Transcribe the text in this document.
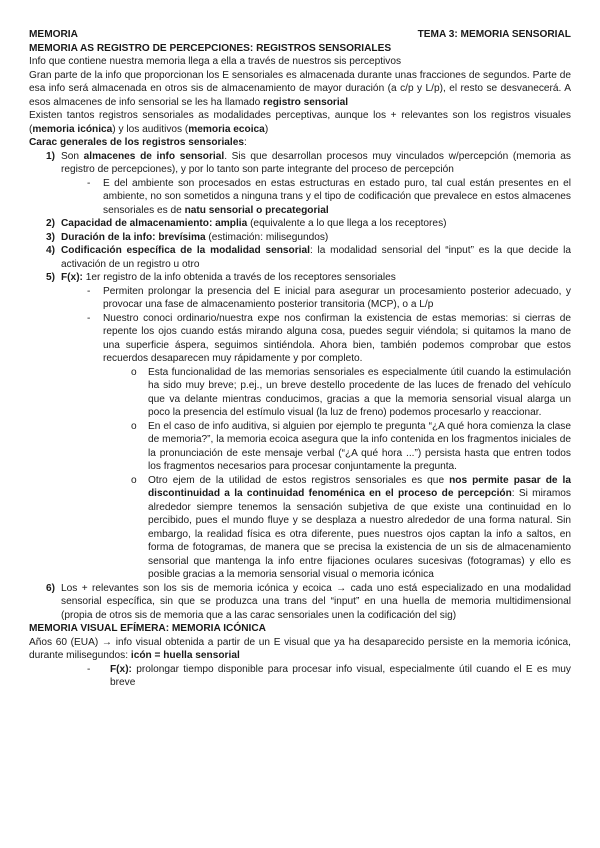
MEMORIA	TEMA 3: MEMORIA SENSORIAL
MEMORIA AS REGISTRO DE PERCEPCIONES: REGISTROS SENSORIALES

Info que contiene nuestra memoria llega a ella a través de nuestros sis perceptivos

Gran parte de la info que proporcionan los E sensoriales es almacenada durante unas fracciones de segundos. Parte de esa info será almacenada en otros sis de almacenamiento de mayor duración (a c/p y L/p), el resto se desvanecerá. A esos almacenes de info sensorial se les ha llamado registro sensorial

Existen tantos registros sensoriales as modalidades perceptivas, aunque los + relevantes son los registros visuales (memoria icónica) y los auditivos (memoria ecoica)

Carac generales de los registros sensoriales:

1) Son almacenes de info sensorial. Sis que desarrollan procesos muy vinculados w/percepción (memoria as registro de percepciones), y por lo tanto son parte integrante del proceso de percepción

-	E del ambiente son procesados en estas estructuras en estado puro, tal cual están presentes en el ambiente, no son sometidos a ninguna trans y el tipo de codificación que prevalece en estos almacenes sensoriales es de natu sensorial o precategorial

2) Capacidad de almacenamiento: amplia (equivalente a lo que llega a los receptores)

3) Duración de la info: brevísima (estimación: milisegundos)

4) Codificación específica de la modalidad sensorial: la modalidad sensorial del “input” es la que decide la activación de un registro u otro

5) F(x): 1er registro de la info obtenida a través de los receptores sensoriales

-	Permiten prolongar la presencia del E inicial para asegurar un procesamiento posterior adecuado, y provocar una fase de almacenamiento posterior transitoria (MCP), o a L/p

-	Nuestro conoci ordinario/nuestra expe nos confirman la existencia de estas memorias: si cierras de repente los ojos cuando estás mirando alguna cosa, puedes seguir viéndola; si quitamos la mano de una superficie áspera, seguimos sintiéndola. Ahora bien, también podemos comprobar que estos recuerdos desaparecen muy rápidamente y por completo.

o	Esta funcionalidad de las memorias sensoriales es especialmente útil cuando la estimulación ha sido muy breve; p.ej., un breve destello procedente de las luces de frenado del vehículo que va delante mientras conducimos, gracias a que la memoria sensorial visual alarga un poco la presencia del estímulo visual (la luz de freno) podemos procesarlo y reaccionar.

o	En el caso de info auditiva, si alguien por ejemplo te pregunta “¿A qué hora comienza la clase de memoria?”, la memoria ecoica asegura que la info contenida en los fragmentos iniciales de la pronunciación de este mensaje verbal (“¿A qué hora ...”) persista hasta que entren todos los fragmentos necesarios para procesar conjuntamente la pregunta.

o	Otro ejem de la utilidad de estos registros sensoriales es que nos permite pasar de la discontinuidad a la continuidad fenoménica en el proceso de percepción: Si miramos alrededor siempre tenemos la sensación subjetiva de que existe una continuidad en lo percibido, pues el mundo fluye y se desplaza a nuestro alrededor de una forma natural. Sin embargo, la realidad física es otra diferente, pues nuestros ojos captan la info a saltos, en forma de fotogramas, de manera que se precisa la existencia de un sis de almacenamiento sensorial que mantenga la info entre fijaciones oculares sucesivas (fotogramas) y ello es posible gracias a la memoria sensorial visual o memoria icónica

6) Los + relevantes son los sis de memoria icónica y ecoica → cada uno está especializado en una modalidad sensorial específica, sin que se produzca una trans del “input” en una huella de memoria multidimensional (propia de otros sis de memoria que a las carac sensoriales unen la codificación del sig)

MEMORIA VISUAL EFÍMERA: MEMORIA ICÓNICA

Años 60 (EUA) → info visual obtenida a partir de un E visual que ya ha desaparecido persiste en la memoria icónica, durante milisegundos: icón = huella sensorial

-	F(x): prolongar tiempo disponible para procesar info visual, especialmente útil cuando el E es muy breve
